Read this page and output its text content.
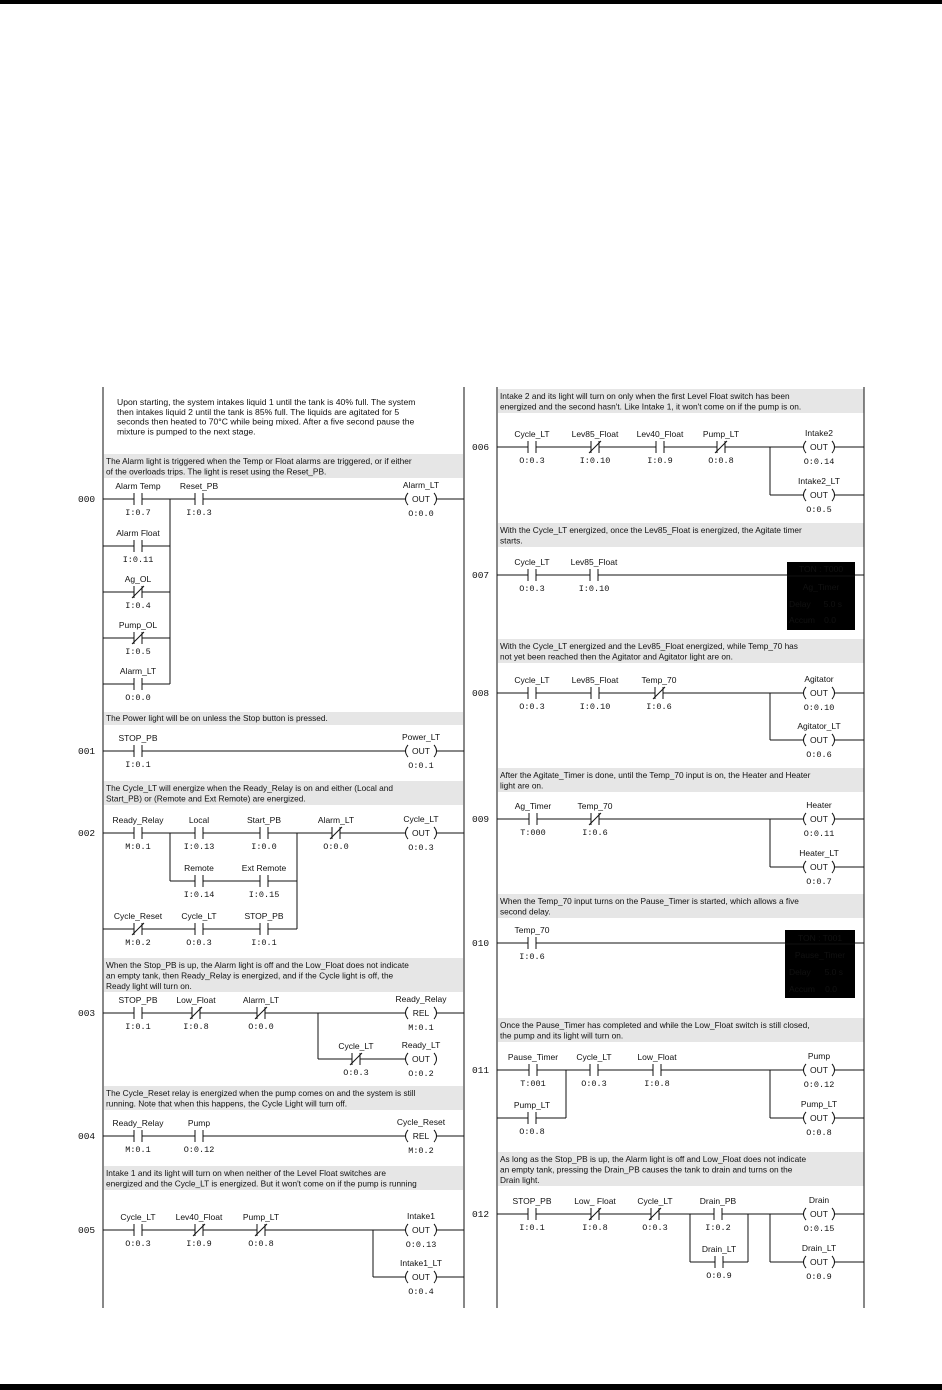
Upon starting, the system intakes liquid 1 until the tank is 40% full. The system
then intakes liquid 2 until the tank is 85% full. The liquids are agitated for 5
seconds then heated to 70°C while being mixed. After a five second pause the
mixture is pumped to the next stage.
The Alarm light is triggered when the Temp or Float alarms are triggered, or if either
of the overloads trips. The light is reset using the Reset_PB.
000
Alarm Temp
I:0.7
Reset_PB
I:0.3
Alarm_LT
OUT
O:0.0
Alarm Float
I:0.11
Ag_OL
I:0.4
Pump_OL
I:0.5
Alarm_LT
O:0.0
The Power light will be on unless the Stop button is pressed.
001
STOP_PB
I:0.1
Power_LT
OUT
O:0.1
The Cycle_LT will energize when the Ready_Relay is on and either (Local and
Start_PB) or (Remote and Ext Remote) are energized.
002
Ready_Relay
M:0.1
Local
I:0.13
Start_PB
I:0.0
Alarm_LT
O:0.0
Cycle_LT
OUT
O:0.3
Remote
I:0.14
Ext Remote
I:0.15
Cycle_Reset
M:0.2
Cycle_LT
O:0.3
STOP_PB
I:0.1
When the Stop_PB is up, the Alarm light is off and the Low_Float does not indicate
an empty tank, then Ready_Relay is energized, and if the Cycle light is off, the
Ready light will turn on.
003
STOP_PB
I:0.1
Low_Float
I:0.8
Alarm_LT
O:0.0
Ready_Relay
REL
M:0.1
Cycle_LT
O:0.3
Ready_LT
OUT
O:0.2
The Cycle_Reset relay is energized when the pump comes on and the system is still
running. Note that when this happens, the Cycle Light will turn off.
004
Ready_Relay
M:0.1
Pump
O:0.12
Cycle_Reset
REL
M:0.2
Intake 1 and its light will turn on when neither of the Level Float switches are
energized and the Cycle_LT is energized. But it won't come on if the pump is running
005
Cycle_LT
O:0.3
Lev40_Float
I:0.9
Pump_LT
O:0.8
Intake1
OUT
O:0.13
Intake1_LT
OUT
O:0.4
Intake 2 and its light will turn on only when the first Level Float switch has been
energized and the second hasn't. Like Intake 1, it won't come on if the pump is on.
006
Cycle_LT
O:0.3
Lev85_Float
I:0.10
Lev40_Float
I:0.9
Pump_LT
O:0.8
Intake2
OUT
O:0.14
Intake2_LT
OUT
O:0.5
With the Cycle_LT energized, once the Lev85_Float is energized, the Agitate timer
starts.
007
Cycle_LT
O:0.3
Lev85_Float
I:0.10
TON : T000
Ag_Timer
Delay 5.0 s
Accum 0.0
With the Cycle_LT energized and the Lev85_Float energized, while Temp_70 has
not yet been reached then the Agitator and Agitator light are on.
008
Cycle_LT
O:0.3
Lev85_Float
I:0.10
Temp_70
I:0.6
Agitator
OUT
O:0.10
Agitator_LT
OUT
O:0.6
After the Agitate_Timer is done, until the Temp_70 input is on, the Heater and Heater
light are on.
009
Ag_Timer
T:000
Temp_70
I:0.6
Heater
OUT
O:0.11
Heater_LT
OUT
O:0.7
When the Temp_70 input turns on the Pause_Timer is started, which allows a five
second delay.
010
Temp_70
I:0.6
TON : T001
Pause_Timer
Delay 5.0 s
Accum 0.0
Once the Pause_Timer has completed and while the Low_Float switch is still closed,
the pump and its light will turn on.
011
Pause_Timer
T:001
Cycle_LT
O:0.3
Low_Float
I:0.8
Pump
OUT
O:0.12
Pump_LT
O:0.8
Pump_LT
OUT
O:0.8
As long as the Stop_PB is up, the Alarm light is off and Low_Float does not indicate
an empty tank, pressing the Drain_PB causes the tank to drain and turns on the
Drain light.
012
STOP_PB
I:0.1
Low_ Float
I:0.8
Cycle_LT
O:0.3
Drain_PB
I:0.2
Drain
OUT
O:0.15
Drain_LT
O:0.9
Drain_LT
OUT
O:0.9
